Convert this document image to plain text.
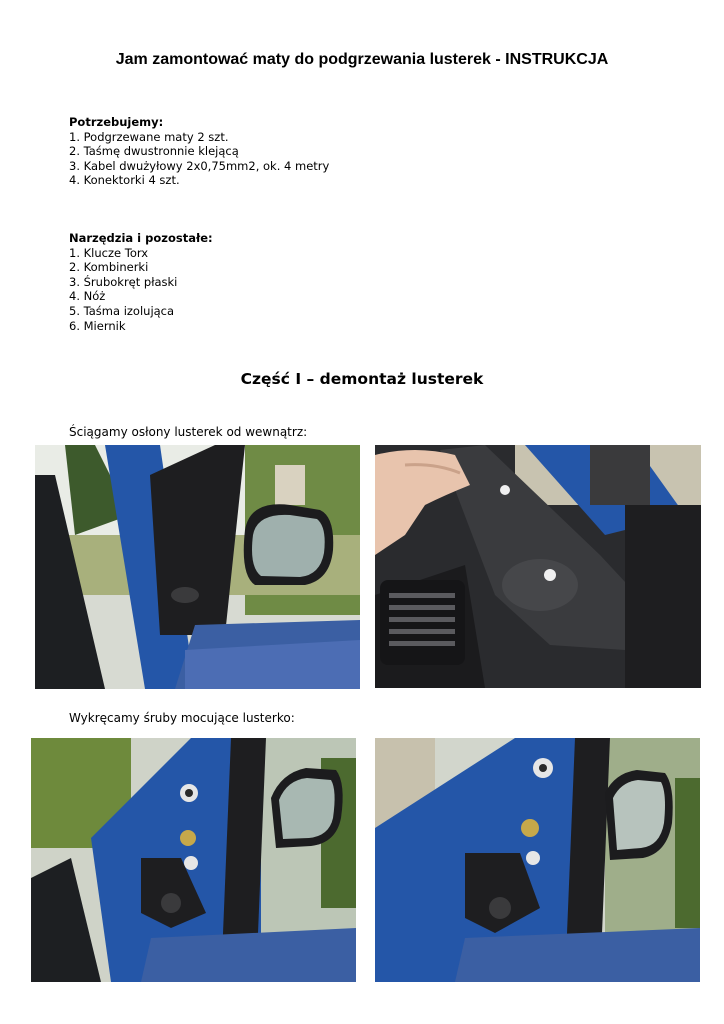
Jam zamontować maty do podgrzewania lusterek - INSTRUKCJA
Potrzebujemy:
1. Podgrzewane maty 2 szt.
2. Taśmę dwustronnie klejącą
3. Kabel dwużyłowy 2x0,75mm2, ok. 4 metry
4. Konektorki 4 szt.
Narzędzia i pozostałe:
1. Klucze Torx
2. Kombinerki
3. Śrubokręt płaski
4. Nóż
5. Taśma izolująca
6. Miernik
Część I – demontaż lusterek
Ściągamy osłony lusterek od wewnątrz:
Wykręcamy śruby mocujące lusterko:
